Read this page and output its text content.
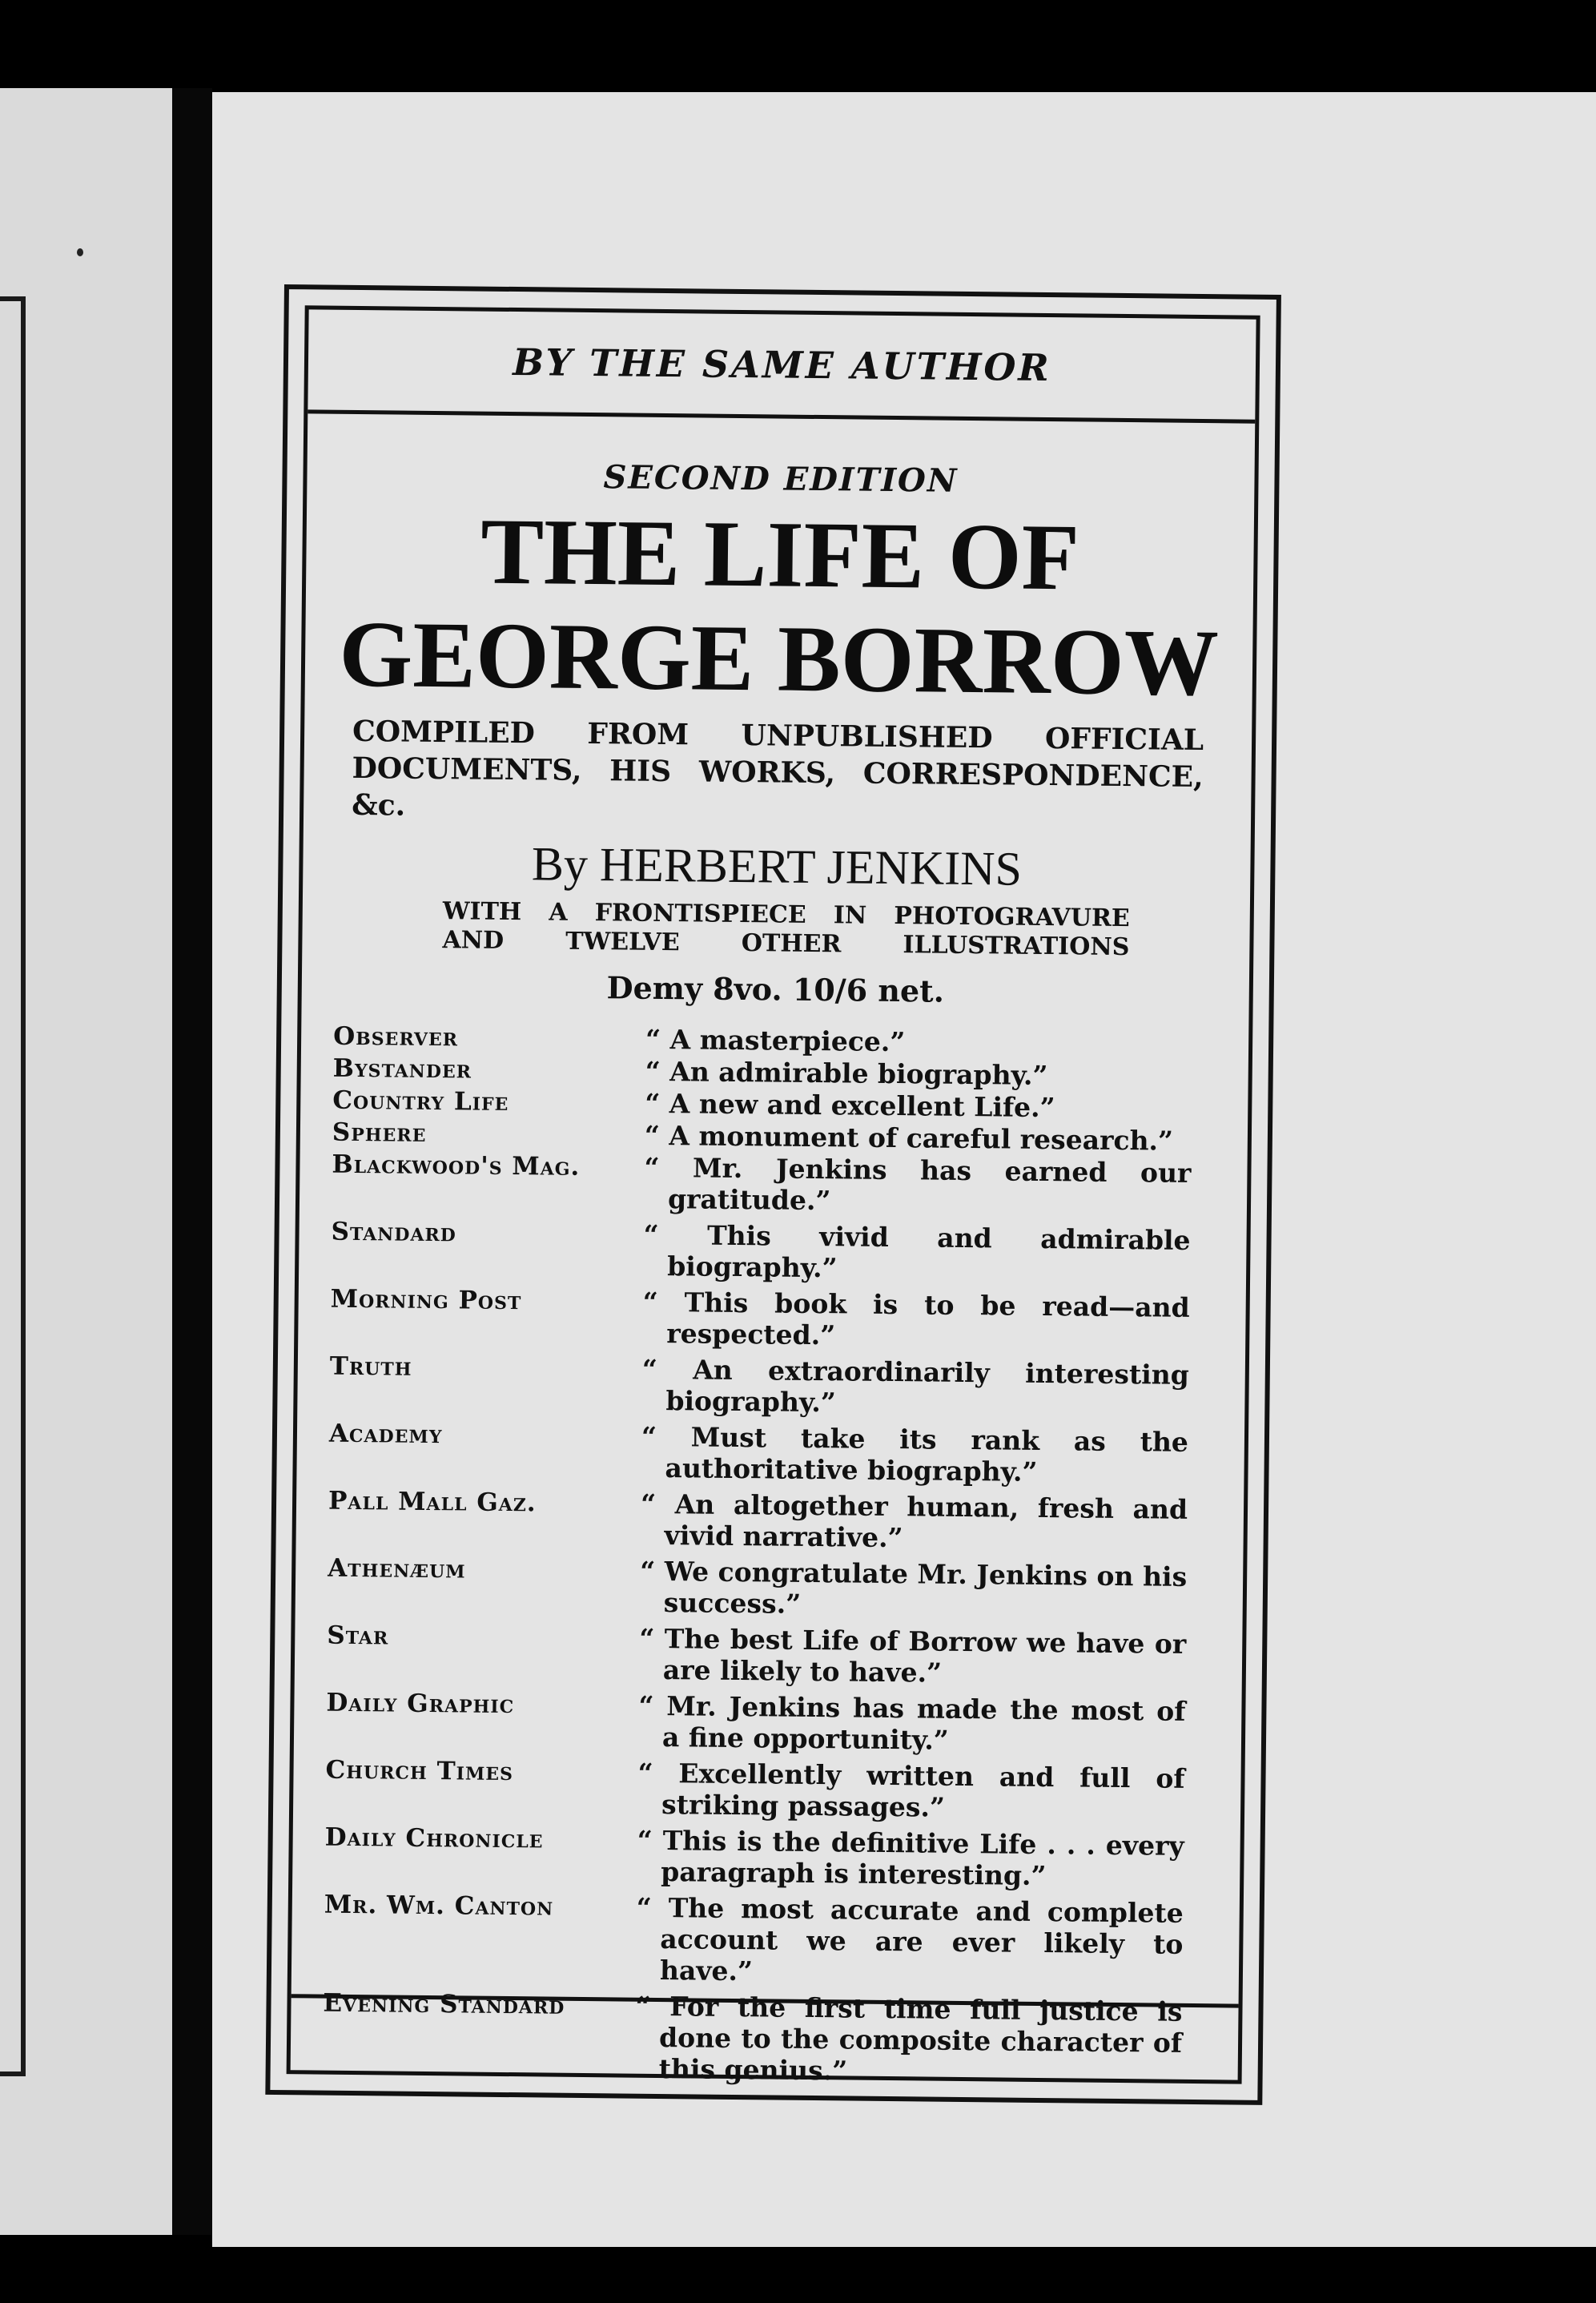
BY THE SAME AUTHOR
SECOND EDITION
THE LIFE OF
GEORGE BORROW
COMPILED FROM UNPUBLISHED OFFICIAL
DOCUMENTS, HIS WORKS, CORRESPONDENCE, &c.
By HERBERT JENKINS
WITH A FRONTISPIECE IN PHOTOGRAVURE
AND TWELVE OTHER ILLUSTRATIONS
Demy 8vo. 10/6 net.
Observer	“ A masterpiece.”
Bystander	“ An admirable biography.”
Country Life	“ A new and excellent Life.”
Sphere	“ A monument of careful research.”
Blackwood's Mag.	“ Mr. Jenkins has earned our gratitude.”
Standard	“ This vivid and admirable biography.”
Morning Post	“ This book is to be read—and respected.”
Truth	“ An extraordinarily interesting biography.”
Academy	“ Must take its rank as the authoritative biography.”
Pall Mall Gaz.	“ An altogether human, fresh and vivid narrative.”
Athenæum	“ We congratulate Mr. Jenkins on his success.”
Star	“ The best Life of Borrow we have or are likely to have.”
Daily Graphic	“ Mr. Jenkins has made the most of a fine opportunity.”
Church Times	“ Excellently written and full of striking passages.”
Daily Chronicle	“ This is the definitive Life . . . every paragraph is interesting.”
Mr. Wm. Canton	“ The most accurate and complete account we are ever likely to have.”
Evening Standard	“ For the first time full justice is done to the composite character of this genius.”
